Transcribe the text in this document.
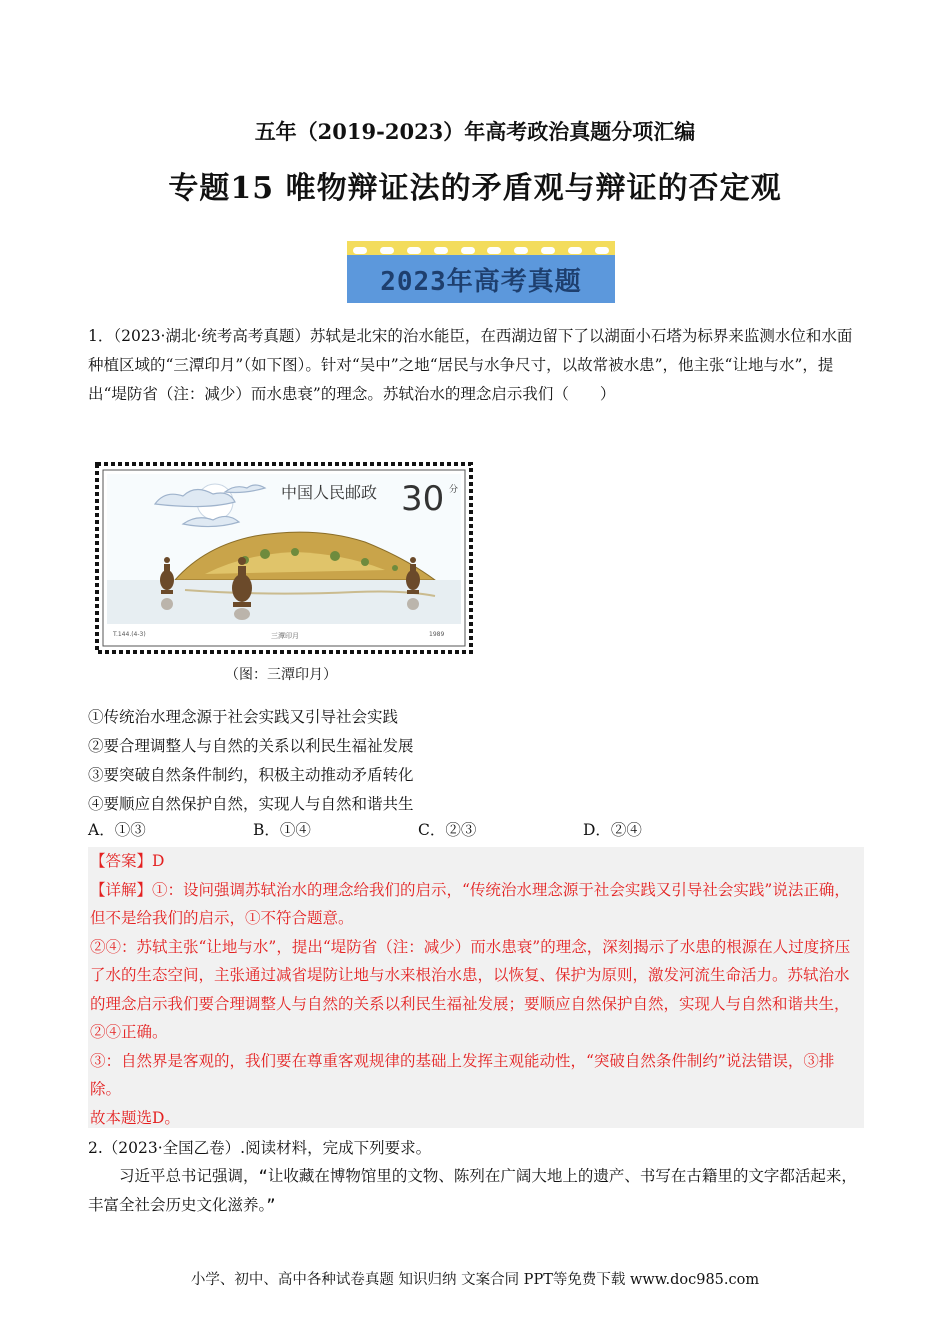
五年（2019-2023）年高考政治真题分项汇编
专题15 唯物辩证法的矛盾观与辩证的否定观
2023年高考真题
1．（2023·湖北·统考高考真题）苏轼是北宋的治水能臣，在西湖边留下了以湖面小石塔为标界来监测水位和水面种植区域的“三潭印月”（如下图）。针对“吴中”之地“居民与水争尺寸，以故常被水患”，他主张“让地与水”，提出“堤防省（注：减少）而水患衰”的理念。苏轼治水的理念启示我们（　　）
中国人民邮政 30 分
T.144.(4-3)	三潭印月	1989
（图：三潭印月）
①传统治水理念源于社会实践又引导社会实践
②要合理调整人与自然的关系以利民生福祉发展
③要突破自然条件制约，积极主动推动矛盾转化
④要顺应自然保护自然，实现人与自然和谐共生
A．①③	B．①④	C．②③	D．②④
【答案】D
【详解】①：设问强调苏轼治水的理念给我们的启示，“传统治水理念源于社会实践又引导社会实践”说法正确，但不是给我们的启示，①不符合题意。
②④：苏轼主张“让地与水”，提出“堤防省（注：减少）而水患衰”的理念，深刻揭示了水患的根源在人过度挤压了水的生态空间，主张通过减省堤防让地与水来根治水患，以恢复、保护为原则，激发河流生命活力。苏轼治水的理念启示我们要合理调整人与自然的关系以利民生福祉发展；要顺应自然保护自然，实现人与自然和谐共生，②④正确。
③：自然界是客观的，我们要在尊重客观规律的基础上发挥主观能动性，“突破自然条件制约”说法错误，③排除。
故本题选D。
2.（2023·全国乙卷）.阅读材料，完成下列要求。
习近平总书记强调，“让收藏在博物馆里的文物、陈列在广阔大地上的遗产、书写在古籍里的文字都活起来，丰富全社会历史文化滋养。”
小学、初中、高中各种试卷真题 知识归纳 文案合同 PPT等免费下载 www.doc985.com
